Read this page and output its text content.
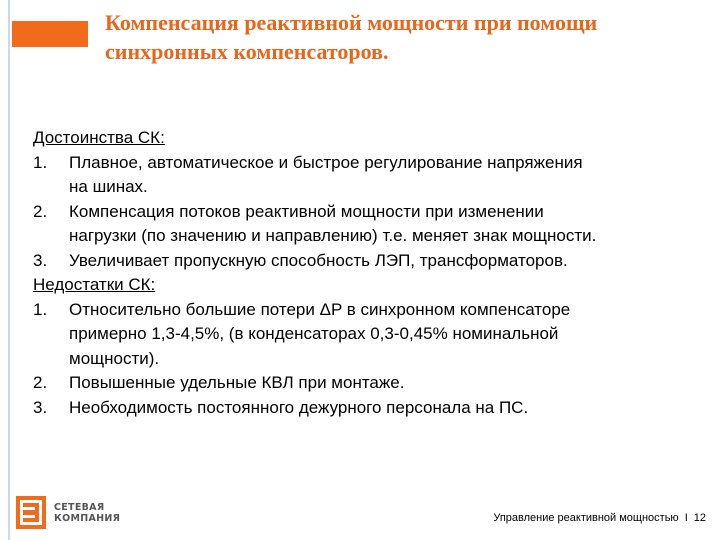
Компенсация реактивной мощности при помощи
синхронных компенсаторов.
Достоинства СК:
1. Плавное, автоматическое и быстрое регулирование напряжения
на шинах.
2. Компенсация потоков реактивной мощности при изменении
нагрузки (по значению и направлению) т.е. меняет знак мощности.
3. Увеличивает пропускную способность ЛЭП, трансформаторов.
Недостатки СК:
1. Относительно большие потери ΔP в синхронном компенсаторе
примерно 1,3-4,5%, (в конденсаторах 0,3-0,45% номинальной
мощности).
2. Повышенные удельные КВЛ при монтаже.
3. Необходимость постоянного дежурного персонала на ПС.
СЕТЕВАЯ
КОМПАНИЯ	Управление реактивной мощностью I 12
